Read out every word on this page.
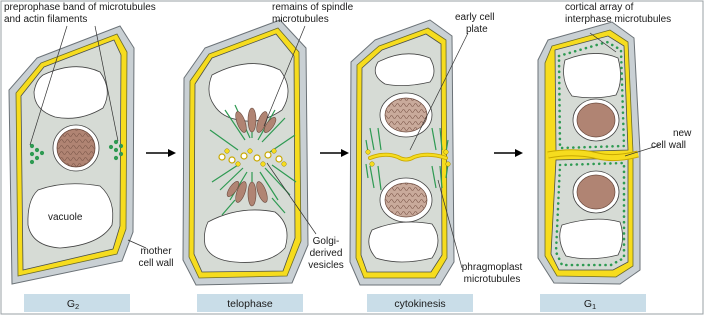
vacuole
preprophase band of microtubules
and actin filaments
remains of spindle
microtubules	early cell
plate
cortical array of
interphase microtubules
new
cell wall
mother
cell wall
Golgi-
derived
vesicles	phragmoplast
microtubules
G2	telophase	cytokinesis	G1
